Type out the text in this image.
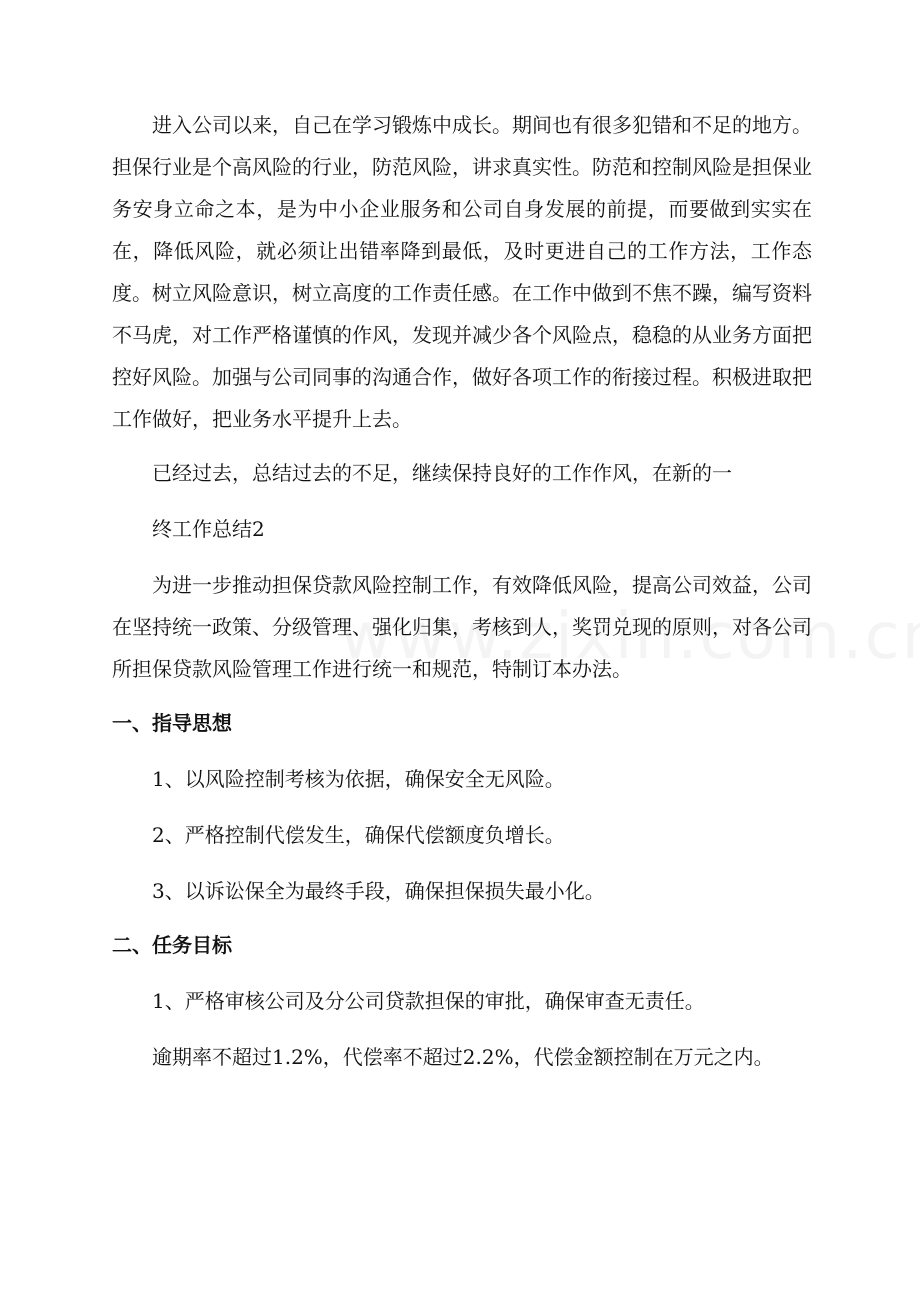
进入公司以来，自己在学习锻炼中成长。期间也有很多犯错和不足的地方。担保行业是个高风险的行业，防范风险，讲求真实性。防范和控制风险是担保业务安身立命之本，是为中小企业服务和公司自身发展的前提，而要做到实实在在，降低风险，就必须让出错率降到最低，及时更进自己的工作方法，工作态度。树立风险意识，树立高度的工作责任感。在工作中做到不焦不躁，编写资料不马虎，对工作严格谨慎的作风，发现并减少各个风险点，稳稳的从业务方面把控好风险。加强与公司同事的沟通合作，做好各项工作的衔接过程。积极进取把工作做好，把业务水平提升上去。

已经过去，总结过去的不足，继续保持良好的工作作风，在新的一

终工作总结2

为进一步推动担保贷款风险控制工作，有效降低风险，提高公司效益，公司在坚持统一政策、分级管理、强化归集，考核到人，奖罚兑现的原则，对各公司所担保贷款风险管理工作进行统一和规范，特制订本办法。

一、指导思想

1、以风险控制考核为依据，确保安全无风险。

2、严格控制代偿发生，确保代偿额度负增长。

3、以诉讼保全为最终手段，确保担保损失最小化。

二、任务目标

1、严格审核公司及分公司贷款担保的审批，确保审查无责任。

逾期率不超过1.2%，代偿率不超过2.2%，代偿金额控制在万元之内。
